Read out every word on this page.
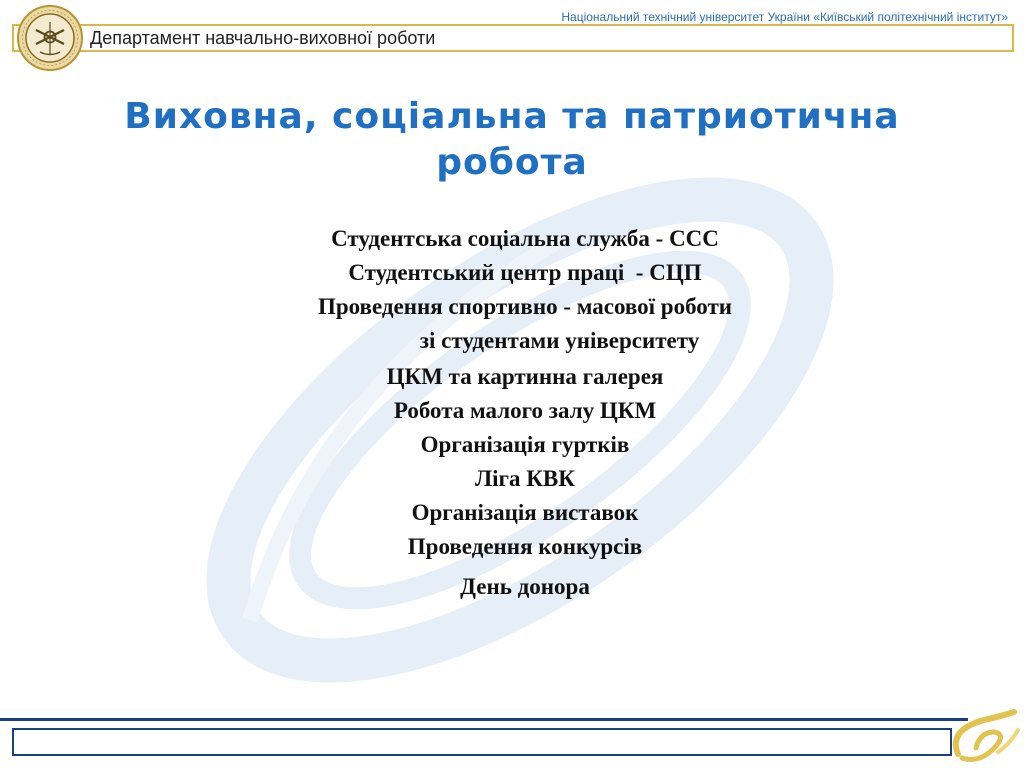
Національний технічний університет України «Київський політехнічний інститут»
Департамент навчально-виховної роботи
Виховна, соціальна та патриотична
робота
Студентська соціальна служба - ССС
Студентський центр праці  - СЦП
Проведення спортивно - масової роботи
зі студентами університету
ЦКМ та картинна галерея
Робота малого залу ЦКМ
Організація гуртків
Ліга КВК
Організація виставок
Проведення конкурсів
День донора
